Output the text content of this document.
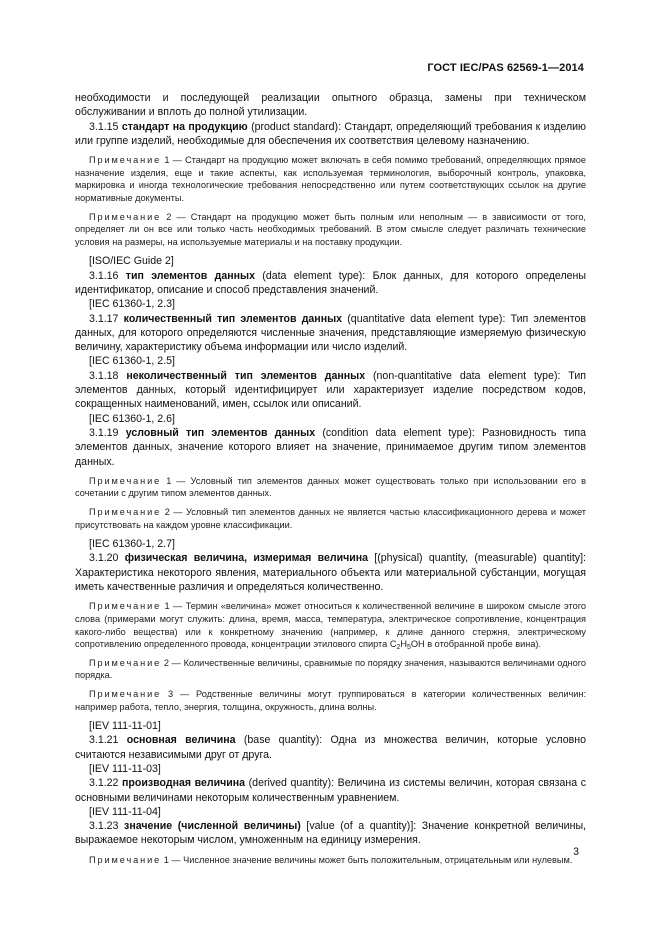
ГОСТ IEC/PAS 62569-1—2014

необходимости и последующей реализации опытного образца, замены при техническом обслуживании и вплоть до полной утилизации.

3.1.15 стандарт на продукцию (product standard): Стандарт, определяющий требования к изделию или группе изделий, необходимые для обеспечения их соответствия целевому назначению.

Примечание 1 — Стандарт на продукцию может включать в себя помимо требований, определяющих прямое назначение изделия, еще и такие аспекты, как используемая терминология, выборочный контроль, упаковка, маркировка и иногда технологические требования непосредственно или путем соответствующих ссылок на другие нормативные документы.

Примечание 2 — Стандарт на продукцию может быть полным или неполным — в зависимости от того, определяет ли он все или только часть необходимых требований. В этом смысле следует различать технические условия на размеры, на используемые материалы и на поставку продукции.

[ISO/IEC Guide 2]

3.1.16 тип элементов данных (data element type): Блок данных, для которого определены идентификатор, описание и способ представления значений.

[IEC 61360-1, 2.3]

3.1.17 количественный тип элементов данных (quantitative data element type): Тип элементов данных, для которого определяются численные значения, представляющие измеряемую физическую величину, характеристику объема информации или число изделий.

[IEC 61360-1, 2.5]

3.1.18 неколичественный тип элементов данных (non-quantitative data element type): Тип элементов данных, который идентифицирует или характеризует изделие посредством кодов, сокращенных наименований, имен, ссылок или описаний.

[IEC 61360-1, 2.6]

3.1.19 условный тип элементов данных (condition data element type): Разновидность типа элементов данных, значение которого влияет на значение, принимаемое другим типом элементов данных.

Примечание 1 — Условный тип элементов данных может существовать только при использовании его в сочетании с другим типом элементов данных.

Примечание 2 — Условный тип элементов данных не является частью классификационного дерева и может присутствовать на каждом уровне классификации.

[IEC 61360-1, 2.7]

3.1.20 физическая величина, измеримая величина [(physical) quantity, (measurable) quantity]: Характеристика некоторого явления, материального объекта или материальной субстанции, могущая иметь качественные различия и определяться количественно.

Примечание 1 — Термин «величина» может относиться к количественной величине в широком смысле этого слова (примерами могут служить: длина, время, масса, температура, электрическое сопротивление, концентрация какого-либо вещества) или к конкретному значению (например, к длине данного стержня, электрическому сопротивлению определенного провода, концентрации этилового спирта $C_2H_5OH$ в отобранной пробе вина).

Примечание 2 — Количественные величины, сравнимые по порядку значения, называются величинами одного порядка.

Примечание 3 — Родственные величины могут группироваться в категории количественных величин: например работа, тепло, энергия, толщина, окружность, длина волны.

[IEV 111-11-01]

3.1.21 основная величина (base quantity): Одна из множества величин, которые условно считаются независимыми друг от друга.

[IEV 111-11-03]

3.1.22 производная величина (derived quantity): Величина из системы величин, которая связана с основными величинами некоторым количественным уравнением.

[IEV 111-11-04]

3.1.23 значение (численной величины) [value (of a quantity)]: Значение конкретной величины, выражаемое некоторым числом, умноженным на единицу измерения.

Примечание 1 — Численное значение величины может быть положительным, отрицательным или нулевым.

3
